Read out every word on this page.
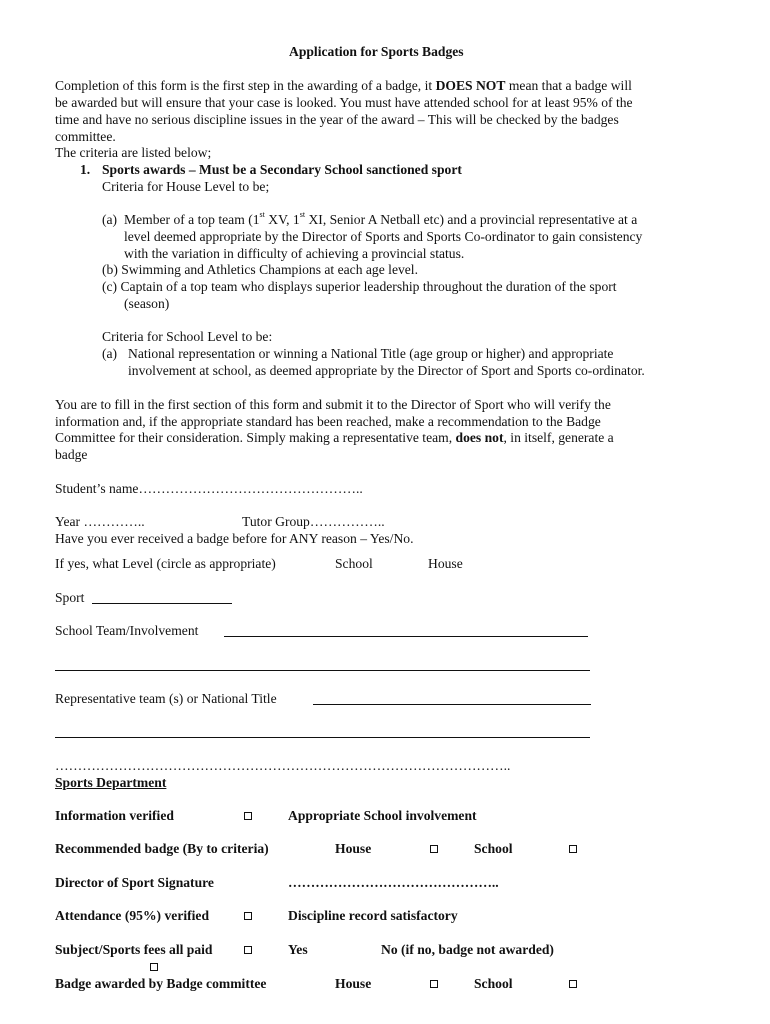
Application for Sports Badges
Completion of this form is the first step in the awarding of a badge, it DOES NOT mean that a badge will
be awarded but will ensure that your case is looked. You must have attended school for at least 95% of the
time and have no serious discipline issues in the year of the award – This will be checked by the badges
committee.
The criteria are listed below;
1. Sports awards – Must be a Secondary School sanctioned sport
Criteria for House Level to be;
(a) Member of a top team (1st XV, 1st XI, Senior A Netball etc) and a provincial representative at a
level deemed appropriate by the Director of Sports and Sports Co-ordinator to gain consistency
with the variation in difficulty of achieving a provincial status.
(b) Swimming and Athletics Champions at each age level.
(c) Captain of a top team who displays superior leadership throughout the duration of the sport
(season)
Criteria for School Level to be:
(a) National representation or winning a National Title (age group or higher) and appropriate
involvement at school, as deemed appropriate by the Director of Sport and Sports co-ordinator.
You are to fill in the first section of this form and submit it to the Director of Sport who will verify the
information and, if the appropriate standard has been reached, make a recommendation to the Badge
Committee for their consideration. Simply making a representative team, does not, in itself, generate a
badge
Student’s name…………………………………………..
Year …………..	Tutor Group……………..
Have you ever received a badge before for ANY reason – Yes/No.
If yes, what Level (circle as appropriate)	School	House
Sport
School Team/Involvement
Representative team (s) or National Title
………………………………………………………………………………………..
Sports Department
Information verified	Appropriate School involvement
Recommended badge (By to criteria)	House	School
Director of Sport Signature	………………………………………..
Attendance (95%) verified	Discipline record satisfactory
Subject/Sports fees all paid	Yes	No (if no, badge not awarded)
Badge awarded by Badge committee	House	School
